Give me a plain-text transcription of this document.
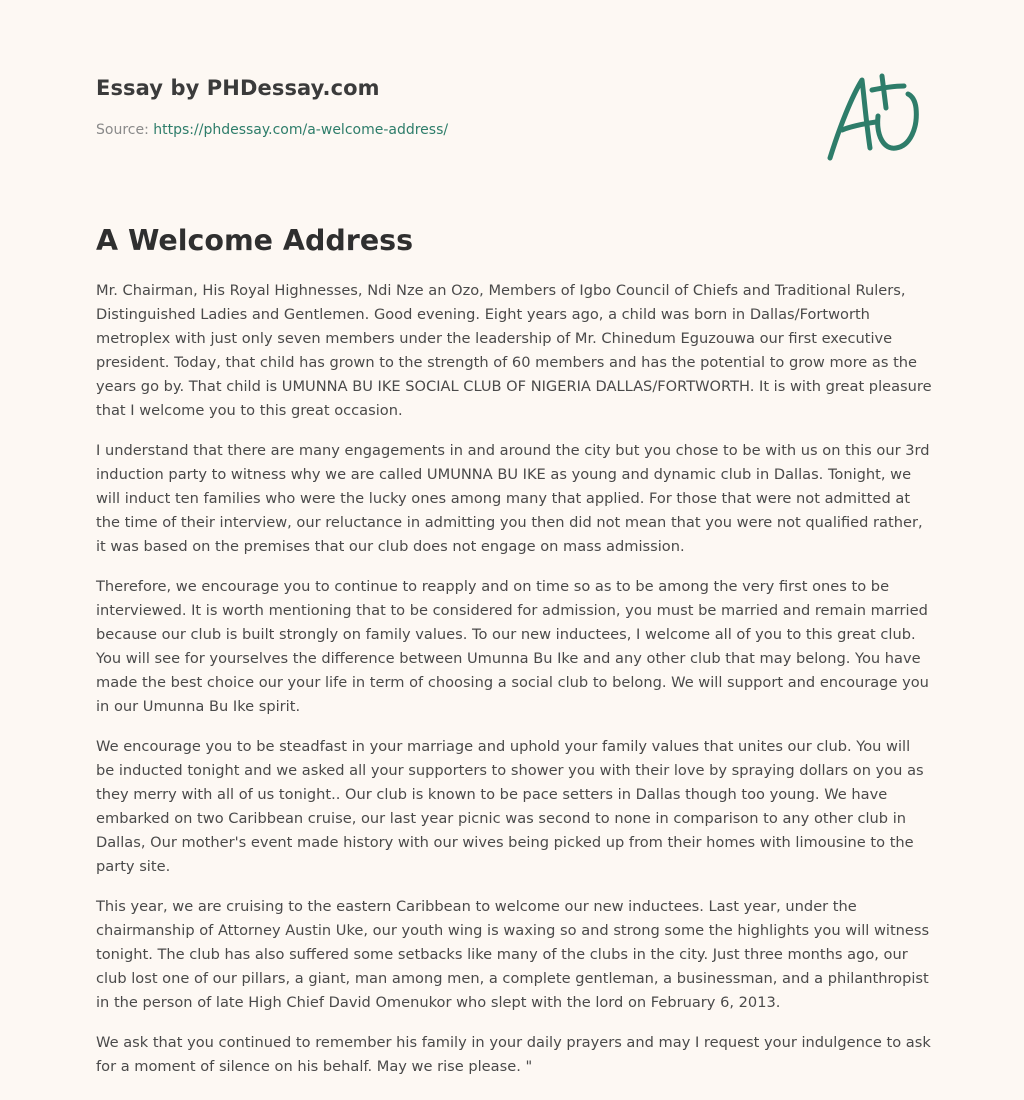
Essay by PHDessay.com
Source: https://phdessay.com/a-welcome-address/
A Welcome Address

Mr. Chairman, His Royal Highnesses, Ndi Nze an Ozo, Members of Igbo Council of Chiefs and Traditional Rulers, Distinguished Ladies and Gentlemen. Good evening. Eight years ago, a child was born in Dallas/Fortworth metroplex with just only seven members under the leadership of Mr. Chinedum Eguzouwa our first executive president. Today, that child has grown to the strength of 60 members and has the potential to grow more as the years go by. That child is UMUNNA BU IKE SOCIAL CLUB OF NIGERIA DALLAS/FORTWORTH. It is with great pleasure that I welcome you to this great occasion.

I understand that there are many engagements in and around the city but you chose to be with us on this our 3rd induction party to witness why we are called UMUNNA BU IKE as young and dynamic club in Dallas. Tonight, we will induct ten families who were the lucky ones among many that applied. For those that were not admitted at the time of their interview, our reluctance in admitting you then did not mean that you were not qualified rather, it was based on the premises that our club does not engage on mass admission.

Therefore, we encourage you to continue to reapply and on time so as to be among the very first ones to be interviewed. It is worth mentioning that to be considered for admission, you must be married and remain married because our club is built strongly on family values. To our new inductees, I welcome all of you to this great club. You will see for yourselves the difference between Umunna Bu Ike and any other club that may belong. You have made the best choice our your life in term of choosing a social club to belong. We will support and encourage you in our Umunna Bu Ike spirit.

We encourage you to be steadfast in your marriage and uphold your family values that unites our club. You will be inducted tonight and we asked all your supporters to shower you with their love by spraying dollars on you as they merry with all of us tonight.. Our club is known to be pace setters in Dallas though too young. We have embarked on two Caribbean cruise, our last year picnic was second to none in comparison to any other club in Dallas, Our mother's event made history with our wives being picked up from their homes with limousine to the party site.

This year, we are cruising to the eastern Caribbean to welcome our new inductees. Last year, under the chairmanship of Attorney Austin Uke, our youth wing is waxing so and strong some the highlights you will witness tonight. The club has also suffered some setbacks like many of the clubs in the city. Just three months ago, our club lost one of our pillars, a giant, man among men, a complete gentleman, a businessman, and a philanthropist in the person of late High Chief David Omenukor who slept with the lord on February 6, 2013.

We ask that you continued to remember his family in your daily prayers and may I request your indulgence to ask for a moment of silence on his behalf. May we rise please. "
